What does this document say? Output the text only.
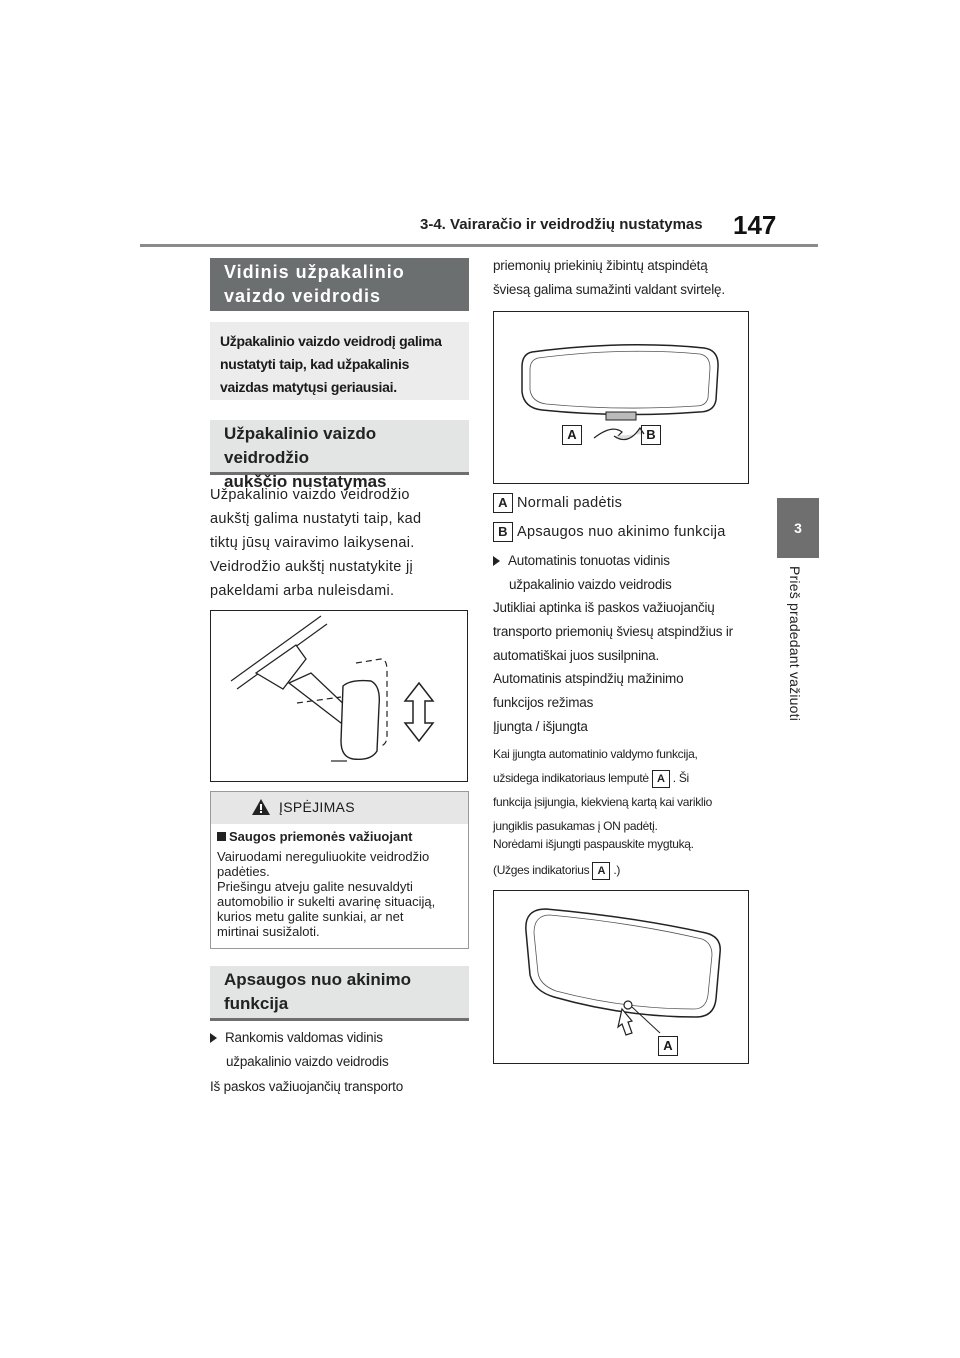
3-4. Vairaračio ir veidrodžių nustatymas 147
3
Prieš pradedant važiuoti
Vidinis užpakalinio
vaizdo veidrodis
Užpakalinio vaizdo veidrodį galima
nustatyti taip, kad užpakalinis
vaizdas matytųsi geriausiai.
Užpakalinio vaizdo veidrodžio
aukščio nustatymas
Užpakalinio vaizdo veidrodžio
aukštį galima nustatyti taip, kad
tiktų jūsų vairavimo laikysenai.
Veidrodžio aukštį nustatykite jį
pakeldami arba nuleisdami.
ĮSPĖJIMAS
Saugos priemonės važiuojant
Vairuodami nereguliuokite veidrodžio
padėties.
Priešingu atveju galite nesuvaldyti
automobilio ir sukelti avarinę situaciją,
kurios metu galite sunkiai, ar net
mirtinai susižaloti.
Apsaugos nuo akinimo
funkcija
Rankomis valdomas vidinis
užpakalinio vaizdo veidrodis
Iš paskos važiuojančių transporto
priemonių priekinių žibintų atspindėtą
šviesą galima sumažinti valdant svirtelę.
A	B
A Normali padėtis
B Apsaugos nuo akinimo funkcija
Automatinis tonuotas vidinis
užpakalinio vaizdo veidrodis
Jutikliai aptinka iš paskos važiuojančių
transporto priemonių šviesų atspindžius ir
automatiškai juos susilpnina.
Automatinis atspindžių mažinimo
funkcijos režimas
Įjungta / išjungta
Kai įjungta automatinio valdymo funkcija,
užsidega indikatoriaus lemputė A . Ši
funkcija įsijungia, kiekvieną kartą kai variklio
jungiklis pasukamas į ON padėtį.
Norėdami išjungti paspauskite mygtuką.
(Užges indikatorius A .)
A
